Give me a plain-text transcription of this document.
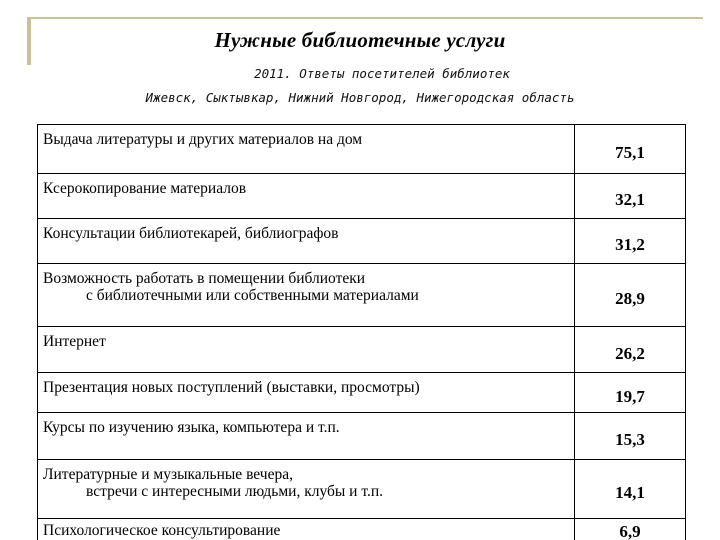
Нужные библиотечные услуги
2011. Ответы посетителей библиотек
Ижевск, Сыктывкар, Нижний Новгород, Нижегородская область
Выдача литературы и других материалов на дом	75,1
Ксерокопирование материалов	32,1
Консультации библиотекарей, библиографов	31,2
Возможность работать в помещении библиотеки
с библиотечными или собственными материалами	28,9
Интернет	26,2
Презентация новых поступлений (выставки, просмотры)	19,7
Курсы по изучению языка, компьютера и т.п.	15,3
Литературные и музыкальные вечера,
встречи с интересными людьми, клубы и т.п.	14,1
Психологическое консультирование	6,9
